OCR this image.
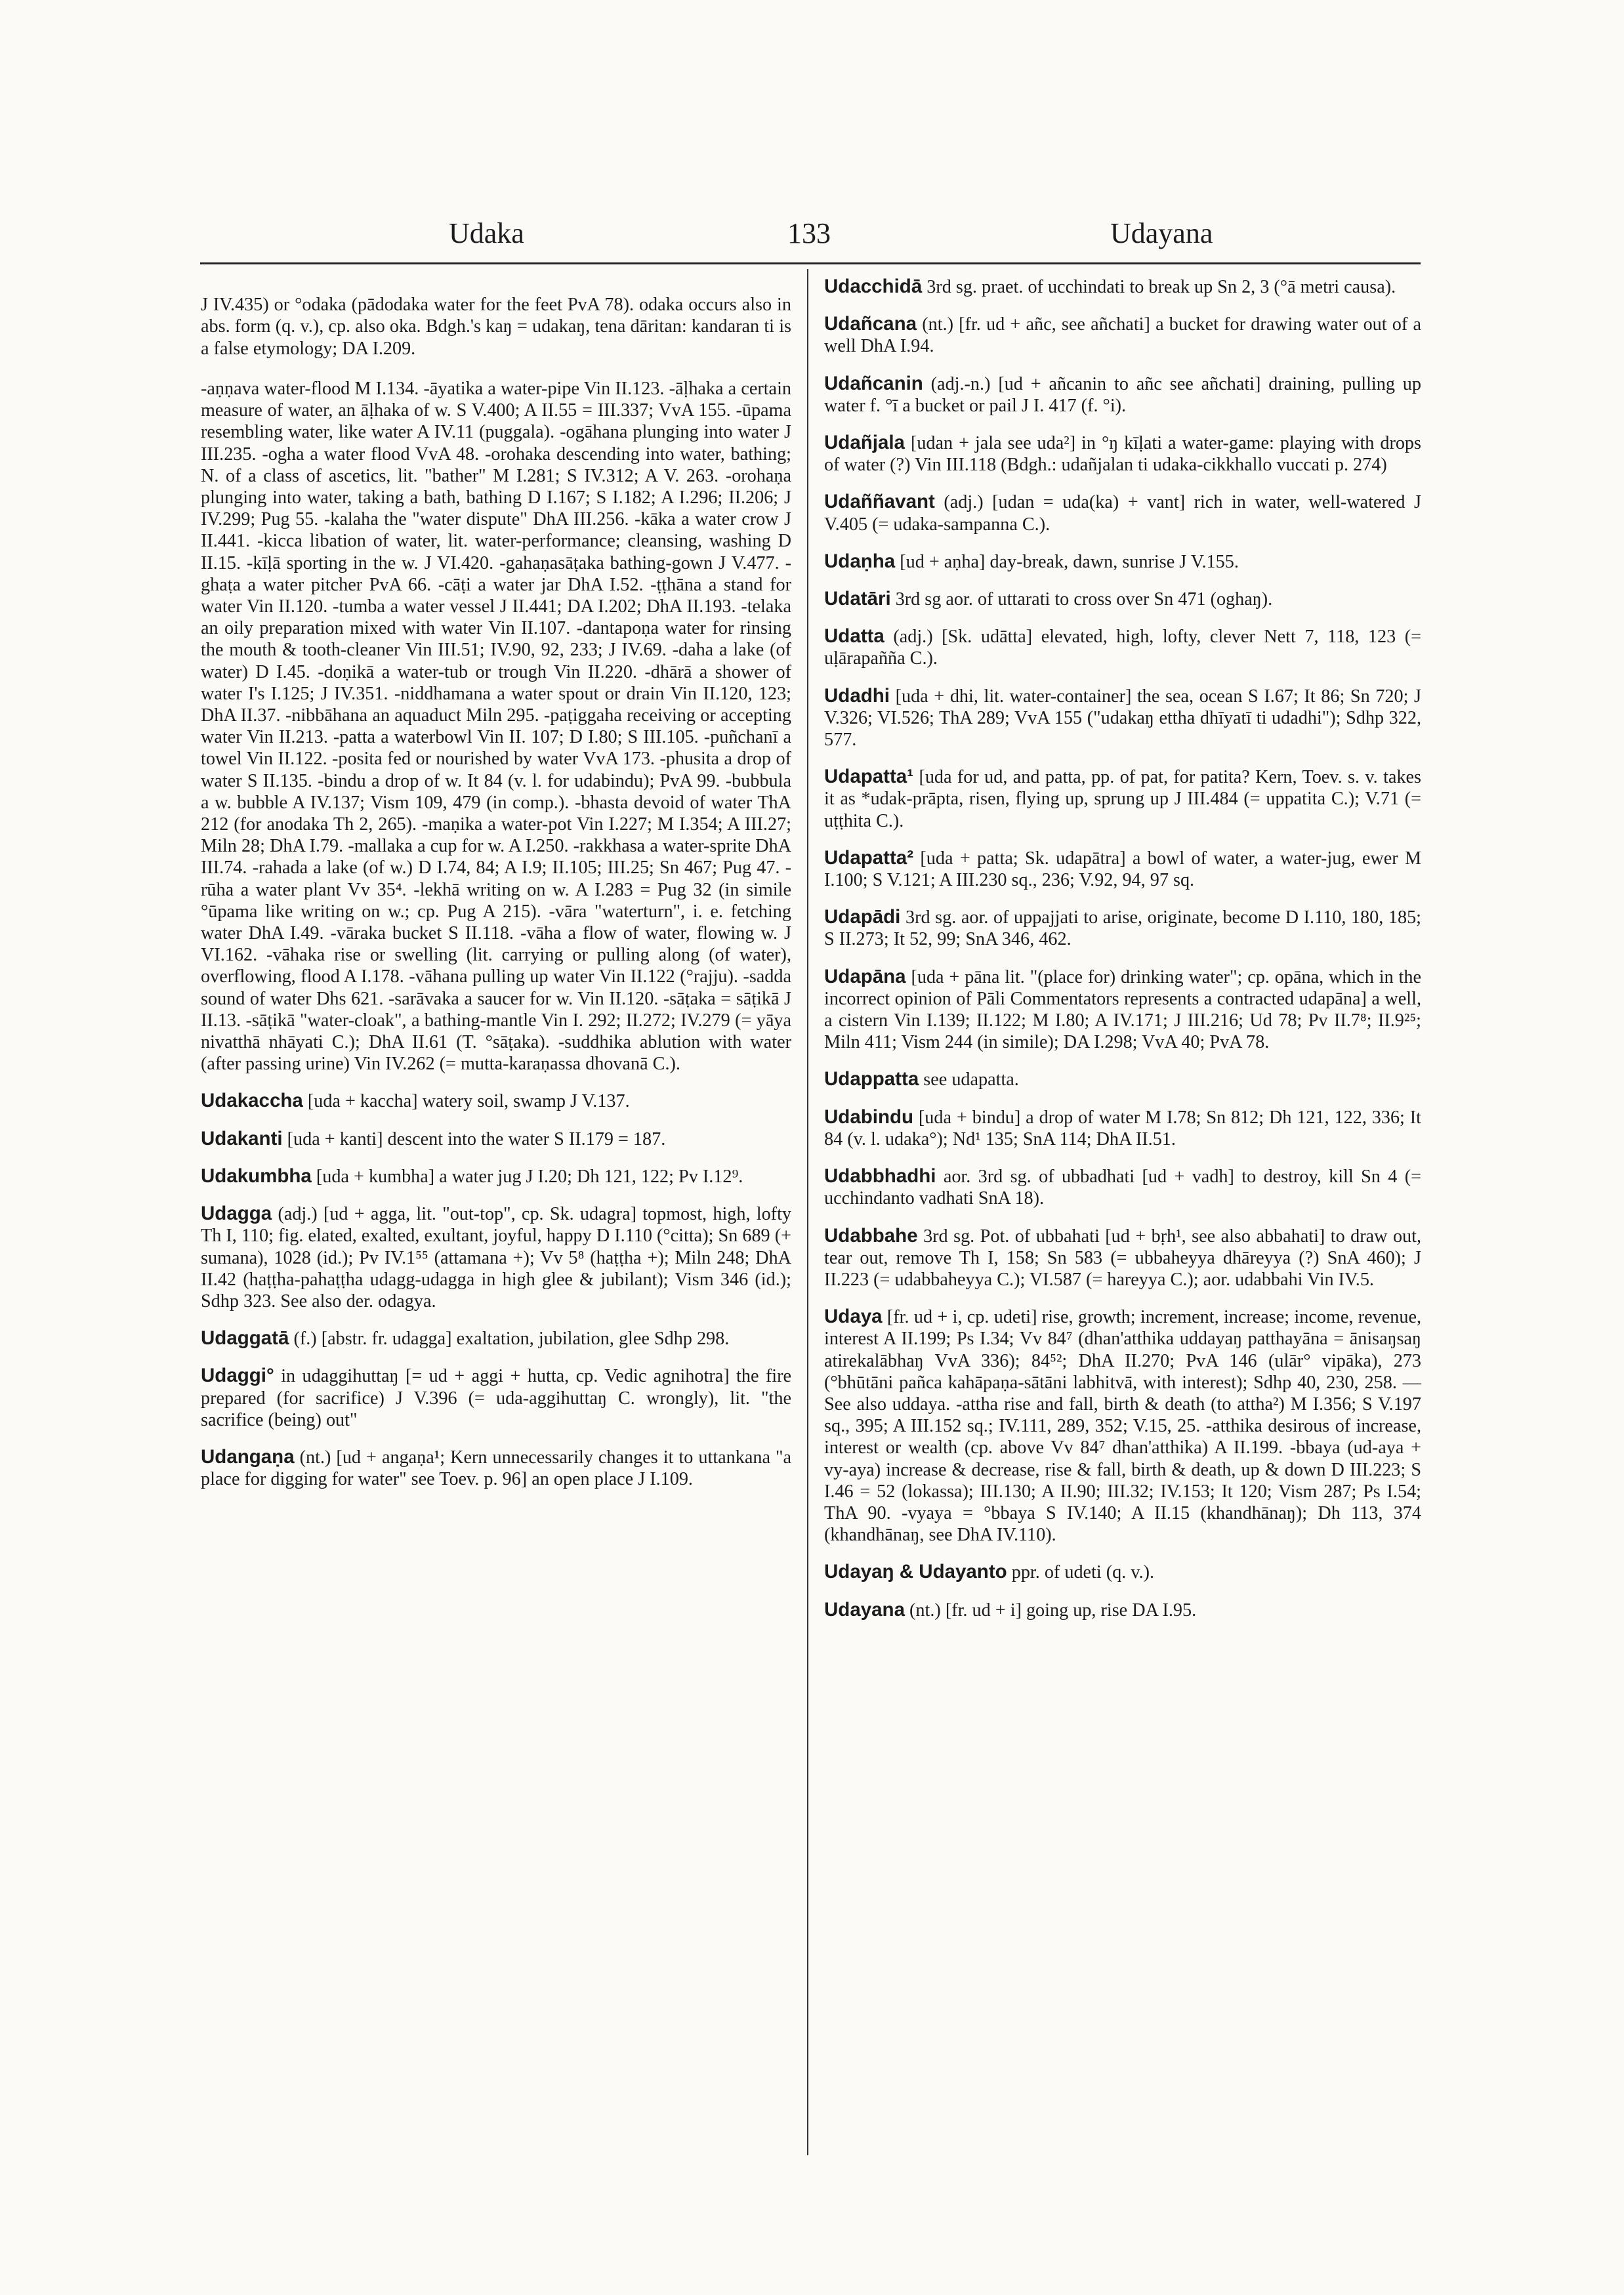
Udaka	133	Udayana

J IV.435) or °odaka (pādodaka water for the feet PvA 78). odaka occurs also in abs. form (q. v.), cp. also oka. Bdgh.'s kaŋ = udakaŋ, tena dāritan: kandaran ti is a false etymology; DA I.209.

-aṇṇava water-flood M I.134. -āyatika a water-pipe Vin II.123. -āḷhaka a certain measure of water, an āḷhaka of w. S V.400; A II.55 = III.337; VvA 155. -ūpama resembling water, like water A IV.11 (puggala). -ogāhana plunging into water J III.235. -ogha a water flood VvA 48. -orohaka descending into water, bathing; N. of a class of ascetics, lit. "bather" M I.281; S IV.312; A V. 263. -orohaṇa plunging into water, taking a bath, bathing D I.167; S I.182; A I.296; II.206; J IV.299; Pug 55. -kalaha the "water dispute" DhA III.256. -kāka a water crow J II.441. -kicca libation of water, lit. water-performance; cleansing, washing D II.15. -kīḷā sporting in the w. J VI.420. -gahaṇasāṭaka bathing-gown J V.477. -ghaṭa a water pitcher PvA 66. -cāṭi a water jar DhA I.52. -ṭṭhāna a stand for water Vin II.120. -tumba a water vessel J II.441; DA I.202; DhA II.193. -telaka an oily preparation mixed with water Vin II.107. -dantapoṇa water for rinsing the mouth & tooth-cleaner Vin III.51; IV.90, 92, 233; J IV.69. -daha a lake (of water) D I.45. -doṇikā a water-tub or trough Vin II.220. -dhārā a shower of water I's I.125; J IV.351. -niddhamana a water spout or drain Vin II.120, 123; DhA II.37. -nibbāhana an aquaduct Miln 295. -paṭiggaha receiving or accepting water Vin II.213. -patta a waterbowl Vin II. 107; D I.80; S III.105. -puñchanī a towel Vin II.122. -posita fed or nourished by water VvA 173. -phusita a drop of water S II.135. -bindu a drop of w. It 84 (v. l. for udabindu); PvA 99. -bubbula a w. bubble A IV.137; Vism 109, 479 (in comp.). -bhasta devoid of water ThA 212 (for anodaka Th 2, 265). -maṇika a water-pot Vin I.227; M I.354; A III.27; Miln 28; DhA I.79. -mallaka a cup for w. A I.250. -rakkhasa a water-sprite DhA III.74. -rahada a lake (of w.) D I.74, 84; A I.9; II.105; III.25; Sn 467; Pug 47. -rūha a water plant Vv 35⁴. -lekhā writing on w. A I.283 = Pug 32 (in simile °ūpama like writing on w.; cp. Pug A 215). -vāra "waterturn", i. e. fetching water DhA I.49. -vāraka bucket S II.118. -vāha a flow of water, flowing w. J VI.162. -vāhaka rise or swelling (lit. carrying or pulling along (of water), overflowing, flood A I.178. -vāhana pulling up water Vin II.122 (°rajju). -sadda sound of water Dhs 621. -sarāvaka a saucer for w. Vin II.120. -sāṭaka = sāṭikā J II.13. -sāṭikā "water-cloak", a bathing-mantle Vin I. 292; II.272; IV.279 (= yāya nivatthā nhāyati C.); DhA II.61 (T. °sāṭaka). -suddhika ablution with water (after passing urine) Vin IV.262 (= mutta-karaṇassa dhovanā C.).

Udakaccha [uda + kaccha] watery soil, swamp J V.137.

Udakanti [uda + kanti] descent into the water S II.179 = 187.

Udakumbha [uda + kumbha] a water jug J I.20; Dh 121, 122; Pv I.12⁹.

Udagga (adj.) [ud + agga, lit. "out-top", cp. Sk. udagra] topmost, high, lofty Th I, 110; fig. elated, exalted, exultant, joyful, happy D I.110 (°citta); Sn 689 (+ sumana), 1028 (id.); Pv IV.1⁵⁵ (attamana +); Vv 5⁸ (haṭṭha +); Miln 248; DhA II.42 (haṭṭha-pahaṭṭha udagg-udagga in high glee & jubilant); Vism 346 (id.); Sdhp 323. See also der. odagya.

Udaggatā (f.) [abstr. fr. udagga] exaltation, jubilation, glee Sdhp 298.

Udaggi° in udaggihuttaŋ [= ud + aggi + hutta, cp. Vedic agnihotra] the fire prepared (for sacrifice) J V.396 (= uda-aggihuttaŋ C. wrongly), lit. "the sacrifice (being) out"

Udangaṇa (nt.) [ud + angaṇa¹; Kern unnecessarily changes it to uttankana "a place for digging for water" see Toev. p. 96] an open place J I.109.

Udacchidā 3rd sg. praet. of ucchindati to break up Sn 2, 3 (°ā metri causa).

Udañcana (nt.) [fr. ud + añc, see añchati] a bucket for drawing water out of a well DhA I.94.

Udañcanin (adj.-n.) [ud + añcanin to añc see añchati] draining, pulling up water f. °ī a bucket or pail J I. 417 (f. °i).

Udañjala [udan + jala see uda²] in °ŋ kīḷati a water-game: playing with drops of water (?) Vin III.118 (Bdgh.: udañjalan ti udaka-cikkhallo vuccati p. 274)

Udaññavant (adj.) [udan = uda(ka) + vant] rich in water, well-watered J V.405 (= udaka-sampanna C.).

Udaṇha [ud + aṇha] day-break, dawn, sunrise J V.155.

Udatāri 3rd sg aor. of uttarati to cross over Sn 471 (oghaŋ).

Udatta (adj.) [Sk. udātta] elevated, high, lofty, clever Nett 7, 118, 123 (= uḷārapañña C.).

Udadhi [uda + dhi, lit. water-container] the sea, ocean S I.67; It 86; Sn 720; J V.326; VI.526; ThA 289; VvA 155 ("udakaŋ ettha dhīyatī ti udadhi"); Sdhp 322, 577.

Udapatta¹ [uda for ud, and patta, pp. of pat, for patita? Kern, Toev. s. v. takes it as *udak-prāpta, risen, flying up, sprung up J III.484 (= uppatita C.); V.71 (= uṭṭhita C.).

Udapatta² [uda + patta; Sk. udapātra] a bowl of water, a water-jug, ewer M I.100; S V.121; A III.230 sq., 236; V.92, 94, 97 sq.

Udapādi 3rd sg. aor. of uppajjati to arise, originate, become D I.110, 180, 185; S II.273; It 52, 99; SnA 346, 462.

Udapāna [uda + pāna lit. "(place for) drinking water"; cp. opāna, which in the incorrect opinion of Pāli Commentators represents a contracted udapāna] a well, a cistern Vin I.139; II.122; M I.80; A IV.171; J III.216; Ud 78; Pv II.7⁸; II.9²⁵; Miln 411; Vism 244 (in simile); DA I.298; VvA 40; PvA 78.

Udappatta see udapatta.

Udabindu [uda + bindu] a drop of water M I.78; Sn 812; Dh 121, 122, 336; It 84 (v. l. udaka°); Nd¹ 135; SnA 114; DhA II.51.

Udabbhadhi aor. 3rd sg. of ubbadhati [ud + vadh] to destroy, kill Sn 4 (= ucchindanto vadhati SnA 18).

Udabbahe 3rd sg. Pot. of ubbahati [ud + bṛh¹, see also abbahati] to draw out, tear out, remove Th I, 158; Sn 583 (= ubbaheyya dhāreyya (?) SnA 460); J II.223 (= udabbaheyya C.); VI.587 (= hareyya C.); aor. udabbahi Vin IV.5.

Udaya [fr. ud + i, cp. udeti] rise, growth; increment, increase; income, revenue, interest A II.199; Ps I.34; Vv 84⁷ (dhan'atthika uddayaŋ patthayāna = ānisaŋsaŋ atirekalābhaŋ VvA 336); 84⁵²; DhA II.270; PvA 146 (ulār° vipāka), 273 (°bhūtāni pañca kahāpaṇa-sātāni labhitvā, with interest); Sdhp 40, 230, 258. — See also uddaya. -attha rise and fall, birth & death (to attha²) M I.356; S V.197 sq., 395; A III.152 sq.; IV.111, 289, 352; V.15, 25. -atthika desirous of increase, interest or wealth (cp. above Vv 84⁷ dhan'atthika) A II.199. -bbaya (ud-aya + vy-aya) increase & decrease, rise & fall, birth & death, up & down D III.223; S I.46 = 52 (lokassa); III.130; A II.90; III.32; IV.153; It 120; Vism 287; Ps I.54; ThA 90. -vyaya = °bbaya S IV.140; A II.15 (khandhānaŋ); Dh 113, 374 (khandhānaŋ, see DhA IV.110).

Udayaŋ & Udayanto ppr. of udeti (q. v.).

Udayana (nt.) [fr. ud + i] going up, rise DA I.95.
